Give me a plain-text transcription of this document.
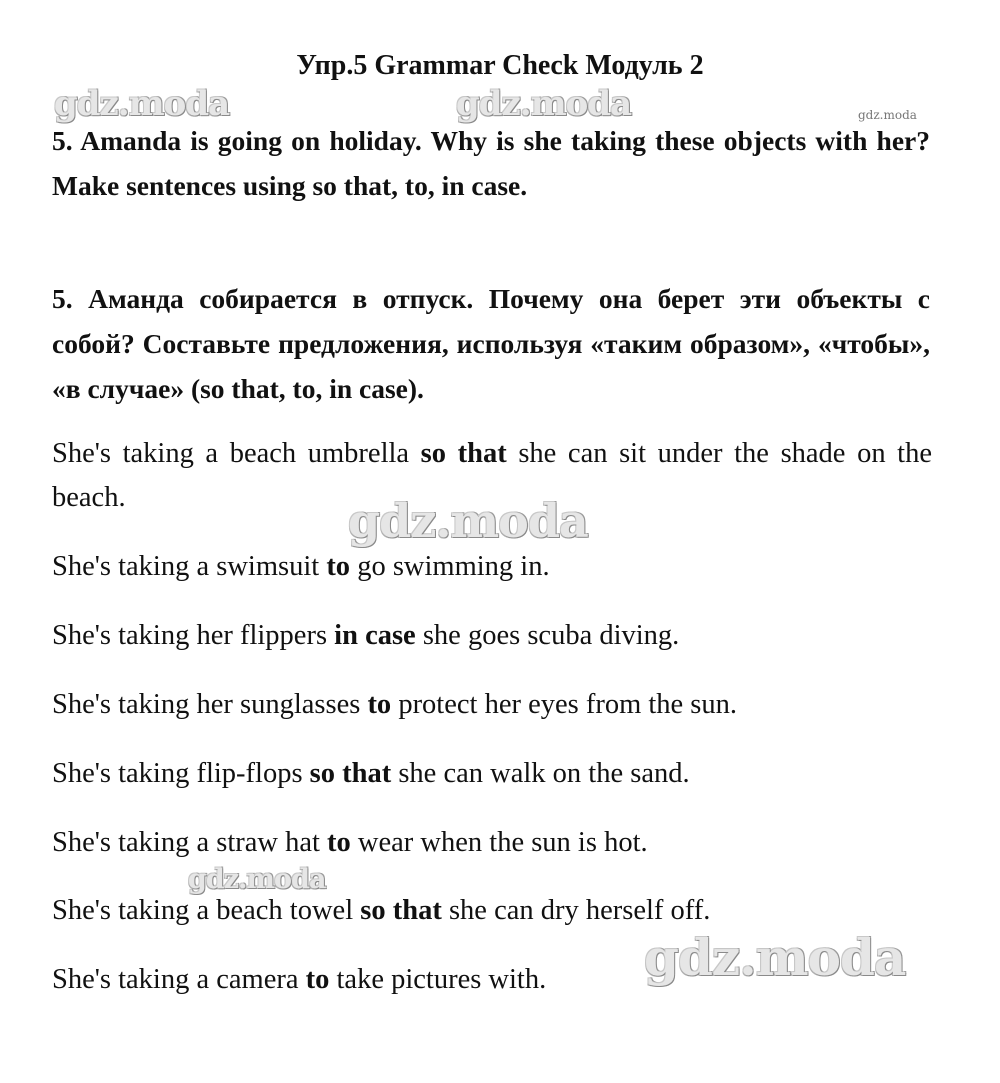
Упр.5 Grammar Check Модуль 2
gdz.moda	gdz.moda	gdz.moda
5. Amanda is going on holiday. Why is she taking these objects with her? Make sentences using so that, to, in case.
5. Аманда собирается в отпуск. Почему она берет эти объекты с собой? Составьте предложения, используя «таким образом», «чтобы», «в случае» (so that, to, in case).

She's taking a beach umbrella so that she can sit under the shade on the beach.	gdz.moda

She's taking a swimsuit to go swimming in.

She's taking her flippers in case she goes scuba diving.

She's taking her sunglasses to protect her eyes from the sun.

She's taking flip-flops so that she can walk on the sand.

She's taking a straw hat to wear when the sun is hot.

gdz.moda

She's taking a beach towel so that she can dry herself off.

gdz.moda

She's taking a camera to take pictures with.
